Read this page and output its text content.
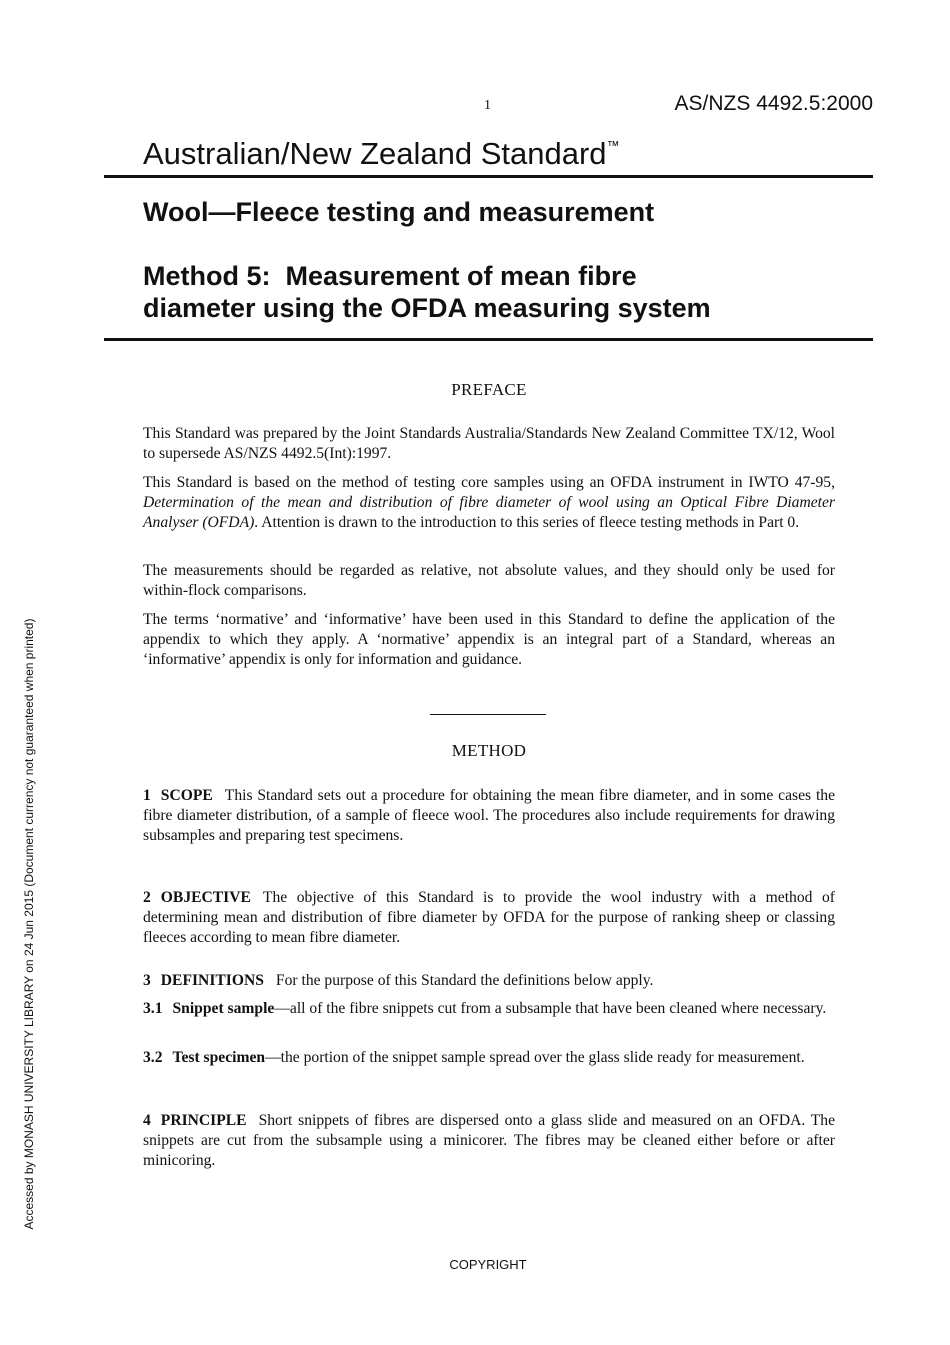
1	AS/NZS 4492.5:2000
Australian/New Zealand Standard™
Wool—Fleece testing and measurement
Method 5:  Measurement of mean fibre
diameter using the OFDA measuring system
PREFACE

This Standard was prepared by the Joint Standards Australia/Standards New Zealand Committee TX/12, Wool to supersede AS/NZS 4492.5(Int):1997.

This Standard is based on the method of testing core samples using an OFDA instrument in IWTO 47-95, Determination of the mean and distribution of fibre diameter of wool using an Optical Fibre Diameter Analyser (OFDA). Attention is drawn to the introduction to this series of fleece testing methods in Part 0.

The measurements should be regarded as relative, not absolute values, and they should only be used for within-flock comparisons.

The terms ‘normative’ and ‘informative’ have been used in this Standard to define the application of the appendix to which they apply. A ‘normative’ appendix is an integral part of a Standard, whereas an ‘informative’ appendix is only for information and guidance.

METHOD

1 SCOPE This Standard sets out a procedure for obtaining the mean fibre diameter, and in some cases the fibre diameter distribution, of a sample of fleece wool. The procedures also include requirements for drawing subsamples and preparing test specimens.

2 OBJECTIVE The objective of this Standard is to provide the wool industry with a method of determining mean and distribution of fibre diameter by OFDA for the purpose of ranking sheep or classing fleeces according to mean fibre diameter.

3 DEFINITIONS For the purpose of this Standard the definitions below apply.

3.1 Snippet sample—all of the fibre snippets cut from a subsample that have been cleaned where necessary.

3.2 Test specimen—the portion of the snippet sample spread over the glass slide ready for measurement.

4 PRINCIPLE Short snippets of fibres are dispersed onto a glass slide and measured on an OFDA. The snippets are cut from the subsample using a minicorer. The fibres may be cleaned either before or after minicoring.

COPYRIGHT
Accessed by MONASH UNIVERSITY LIBRARY on 24 Jun 2015 (Document currency not guaranteed when printed)
